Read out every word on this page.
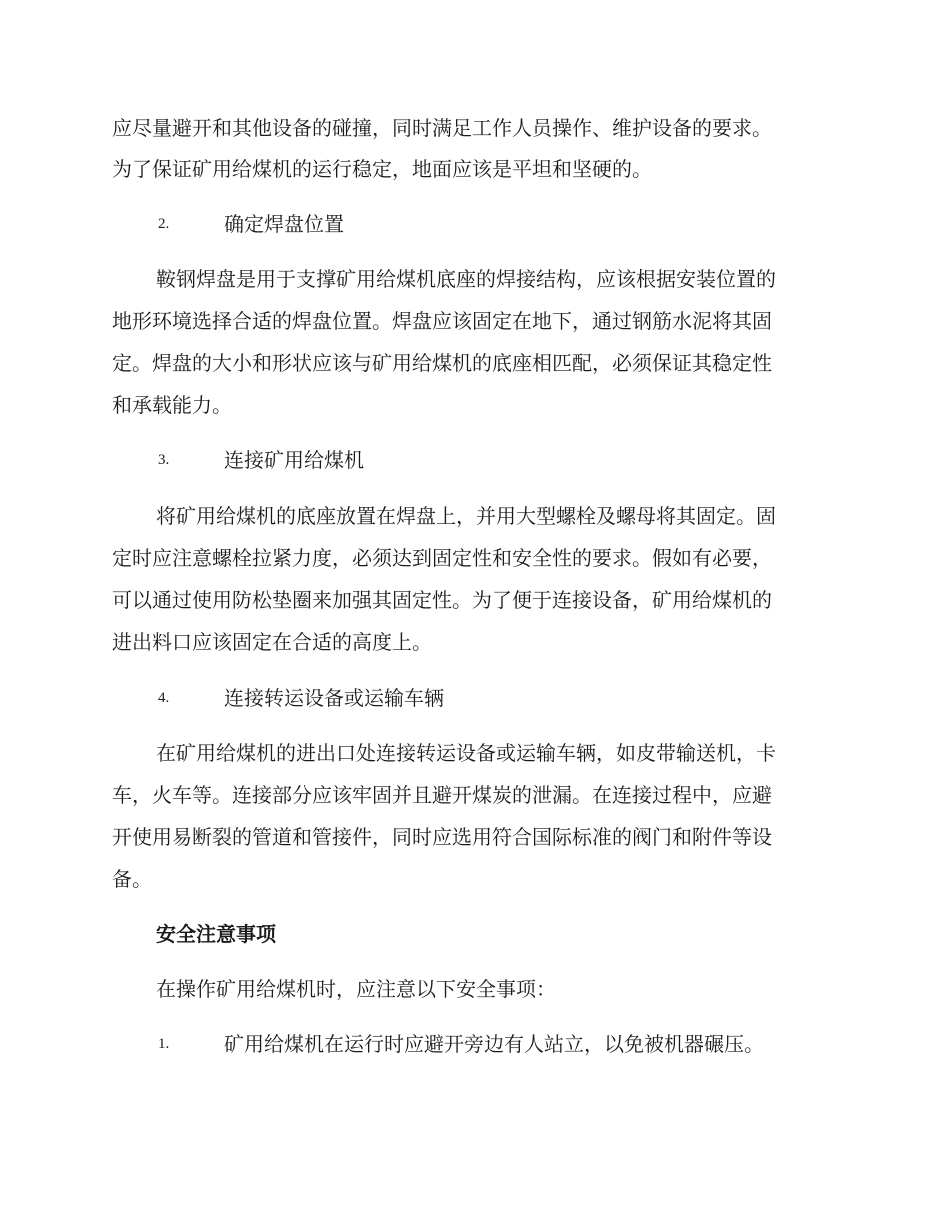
应尽量避开和其他设备的碰撞，同时满足工作人员操作、维护设备的要求。

为了保证矿用给煤机的运行稳定，地面应该是平坦和坚硬的。

2.	确定焊盘位置

鞍钢焊盘是用于支撑矿用给煤机底座的焊接结构，应该根据安装位置的

地形环境选择合适的焊盘位置。焊盘应该固定在地下，通过钢筋水泥将其固

定。焊盘的大小和形状应该与矿用给煤机的底座相匹配，必须保证其稳定性

和承载能力。

3.	连接矿用给煤机

将矿用给煤机的底座放置在焊盘上，并用大型螺栓及螺母将其固定。固

定时应注意螺栓拉紧力度，必须达到固定性和安全性的要求。假如有必要，

可以通过使用防松垫圈来加强其固定性。为了便于连接设备，矿用给煤机的

进出料口应该固定在合适的高度上。

4.	连接转运设备或运输车辆

在矿用给煤机的进出口处连接转运设备或运输车辆，如皮带输送机，卡

车，火车等。连接部分应该牢固并且避开煤炭的泄漏。在连接过程中，应避

开使用易断裂的管道和管接件，同时应选用符合国际标准的阀门和附件等设

备。

安全注意事项

在操作矿用给煤机时，应注意以下安全事项：

1.	矿用给煤机在运行时应避开旁边有人站立，以免被机器碾压。
